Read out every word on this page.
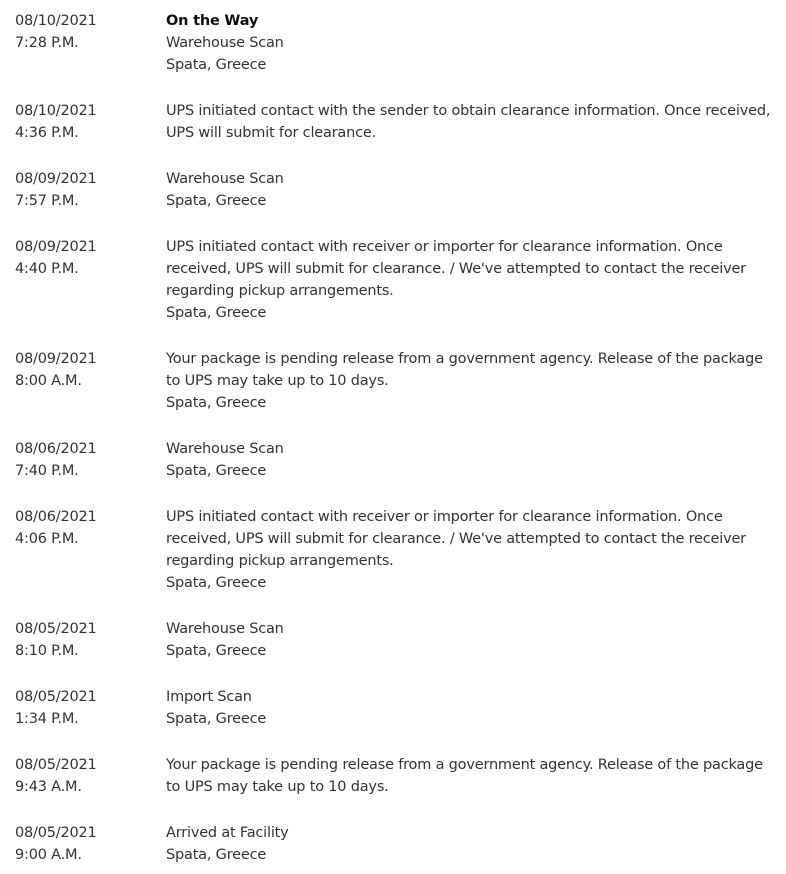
08/10/2021
7:28 P.M.
On the Way
Warehouse Scan
Spata, Greece
08/10/2021
4:36 P.M.
UPS initiated contact with the sender to obtain clearance information. Once received, UPS will submit for clearance.
08/09/2021
7:57 P.M.
Warehouse Scan
Spata, Greece
08/09/2021
4:40 P.M.
UPS initiated contact with receiver or importer for clearance information. Once received, UPS will submit for clearance. / We've attempted to contact the receiver regarding pickup arrangements.
Spata, Greece
08/09/2021
8:00 A.M.
Your package is pending release from a government agency. Release of the package to UPS may take up to 10 days.
Spata, Greece
08/06/2021
7:40 P.M.
Warehouse Scan
Spata, Greece
08/06/2021
4:06 P.M.
UPS initiated contact with receiver or importer for clearance information. Once received, UPS will submit for clearance. / We've attempted to contact the receiver regarding pickup arrangements.
Spata, Greece
08/05/2021
8:10 P.M.
Warehouse Scan
Spata, Greece
08/05/2021
1:34 P.M.
Import Scan
Spata, Greece
08/05/2021
9:43 A.M.
Your package is pending release from a government agency. Release of the package to UPS may take up to 10 days.
08/05/2021
9:00 A.M.
Arrived at Facility
Spata, Greece
